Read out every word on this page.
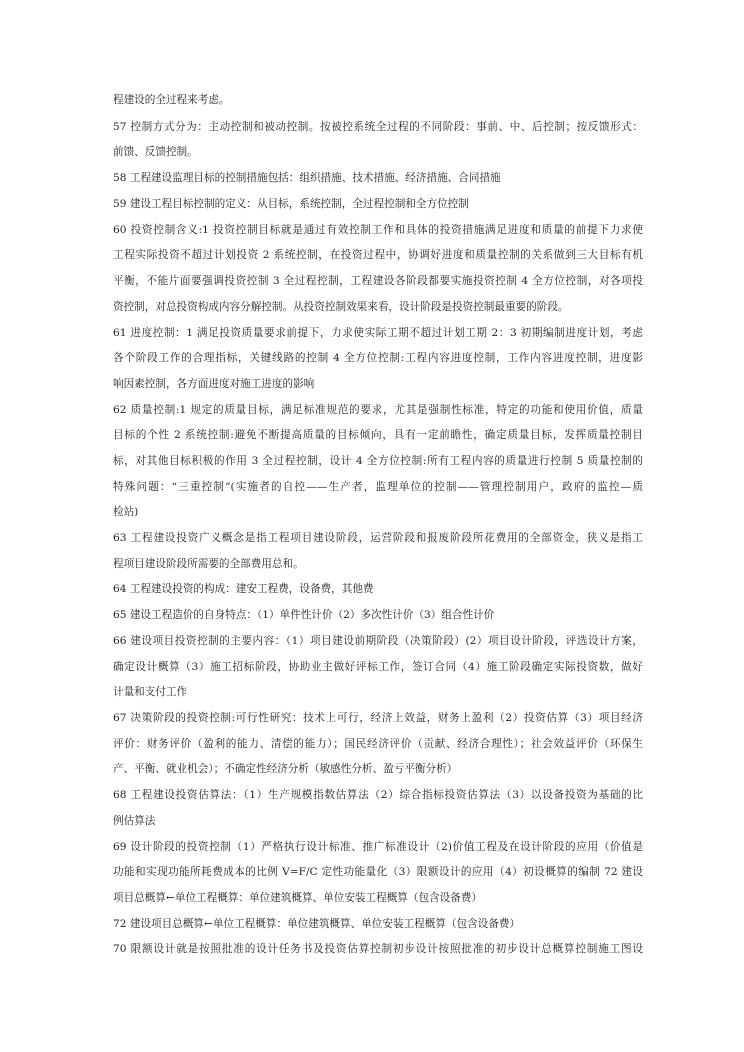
程建设的全过程来考虑。
57 控制方式分为：主动控制和被动控制。按被控系统全过程的不同阶段：事前、中、后控制；按反馈形式：
前馈、反馈控制。
58 工程建设监理目标的控制措施包括：组织措施、技术措施、经济措施、合同措施
59 建设工程目标控制的定义：从目标，系统控制，全过程控制和全方位控制
60 投资控制含义:1 投资控制目标就是通过有效控制工作和具体的投资措施满足进度和质量的前提下力求使
工程实际投资不超过计划投资 2 系统控制，在投资过程中，协调好进度和质量控制的关系做到三大目标有机
平衡，不能片面要强调投资控制 3 全过程控制，工程建设各阶段都要实施投资控制 4 全方位控制，对各项投
资控制，对总投资构成内容分解控制。从投资控制效果来看，设计阶段是投资控制最重要的阶段。
61 进度控制：1 满足投资质量要求前提下，力求使实际工期不超过计划工期 2：3 初期编制进度计划，考虑
各个阶段工作的合理指标，关键线路的控制 4 全方位控制:工程内容进度控制，工作内容进度控制，进度影
响因素控制，各方面进度对施工进度的影响
62 质量控制:1 规定的质量目标，满足标准规范的要求，尤其是强制性标准，特定的功能和使用价值，质量
目标的个性 2 系统控制:避免不断提高质量的目标倾向，具有一定前瞻性，确定质量目标，发挥质量控制目
标，对其他目标积极的作用 3 全过程控制，设计 4 全方位控制:所有工程内容的质量进行控制 5 质量控制的
特殊问题：“三重控制”(实施者的自控——生产者，监理单位的控制——管理控制用户，政府的监控—质
检站)
63 工程建设投资广义概念是指工程项目建设阶段，运营阶段和报废阶段所花费用的全部资金，狭义是指工
程项目建设阶段所需要的全部费用总和。
64 工程建设投资的构成：建安工程费，设备费，其他费
65 建设工程造价的自身特点：（1）单件性计价（2）多次性计价（3）组合性计价
66 建设项目投资控制的主要内容：（1）项目建设前期阶段（决策阶段）(2）项目设计阶段，评选设计方案，
确定设计概算（3）施工招标阶段，协助业主做好评标工作，签订合同（4）施工阶段确定实际投资数，做好
计量和支付工作
67 决策阶段的投资控制:可行性研究：技术上可行，经济上效益，财务上盈利（2）投资估算（3）项目经济
评价：财务评价（盈利的能力、清偿的能力）；国民经济评价（贡献、经济合理性）；社会效益评价（环保生
产、平衡、就业机会）；不确定性经济分析（敏感性分析、盈亏平衡分析）
68 工程建设投资估算法：（1）生产规模指数估算法（2）综合指标投资估算法（3）以设备投资为基础的比
例估算法
69 设计阶段的投资控制（1）严格执行设计标准、推广标准设计（2)价值工程及在设计阶段的应用（价值是
功能和实现功能所耗费成本的比例 V=F/C 定性功能量化（3）限额设计的应用（4）初设概算的编制 72 建设
项目总概算←单位工程概算：单位建筑概算、单位安装工程概算（包含设备费）
72 建设项目总概算←单位工程概算：单位建筑概算、单位安装工程概算（包含设备费）
70 限额设计就是按照批准的设计任务书及投资估算控制初步设计按照批准的初步设计总概算控制施工图设
